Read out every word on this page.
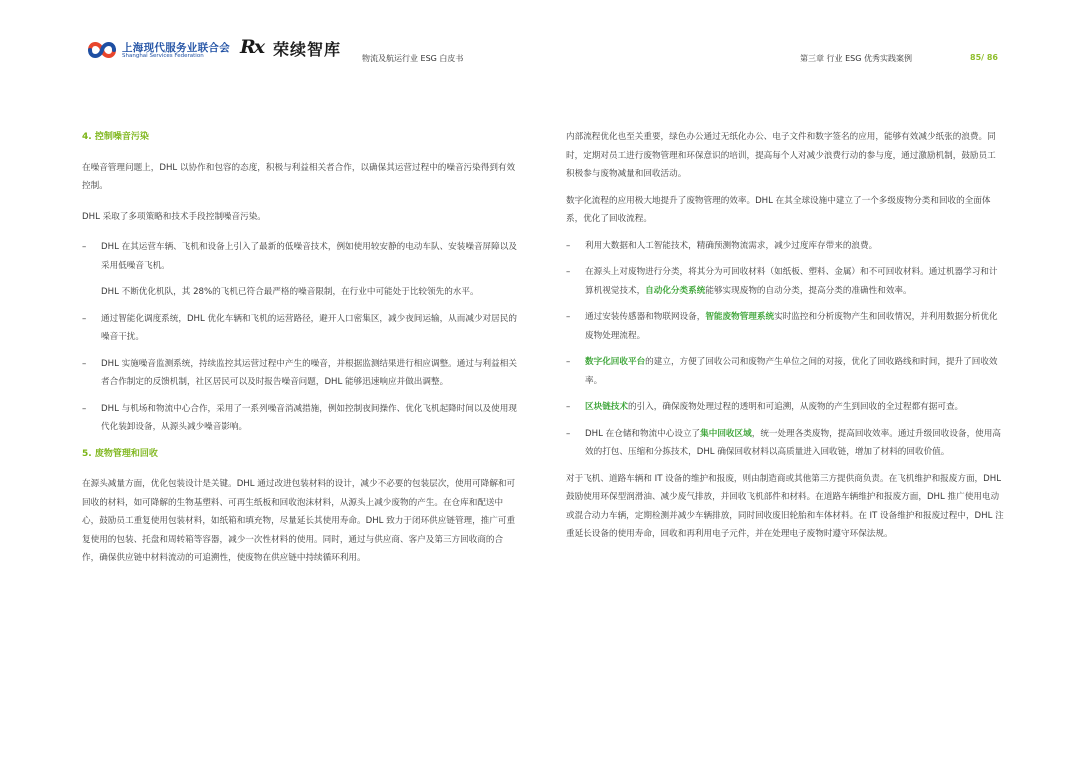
上海现代服务业联合会
Shanghai Services Federation Rx 荣续智库	物流及航运行业 ESG 白皮书	第三章 行业 ESG 优秀实践案例	85/ 86

4. 控制噪音污染

在噪音管理问题上，DHL 以协作和包容的态度，积极与利益相关者合作，以确保其运营过程中的噪音污染得到有效控制。

DHL 采取了多项策略和技术手段控制噪音污染。

– DHL 在其运营车辆、飞机和设备上引入了最新的低噪音技术，例如使用较安静的电动车队、安装噪音屏障以及采用低噪音飞机。

DHL 不断优化机队，其 28%的飞机已符合最严格的噪音限制，在行业中可能处于比较领先的水平。

– 通过智能化调度系统，DHL 优化车辆和飞机的运营路径，避开人口密集区，减少夜间运输，从而减少对居民的噪音干扰。
– DHL 实施噪音监测系统，持续监控其运营过程中产生的噪音，并根据监测结果进行相应调整。通过与利益相关者合作制定的反馈机制，社区居民可以及时报告噪音问题，DHL 能够迅速响应并做出调整。
– DHL 与机场和物流中心合作，采用了一系列噪音消减措施，例如控制夜间操作、优化飞机起降时间以及使用现代化装卸设备，从源头减少噪音影响。

5. 废物管理和回收

在源头减量方面，优化包装设计是关键。DHL 通过改进包装材料的设计，减少不必要的包装层次，使用可降解和可回收的材料，如可降解的生物基塑料、可再生纸板和回收泡沫材料，从源头上减少废物的产生。在仓库和配送中心，鼓励员工重复使用包装材料，如纸箱和填充物，尽量延长其使用寿命。DHL 致力于闭环供应链管理，推广可重复使用的包装、托盘和周转箱等容器，减少一次性材料的使用。同时，通过与供应商、客户及第三方回收商的合作，确保供应链中材料流动的可追溯性，使废物在供应链中持续循环利用。

内部流程优化也至关重要，绿色办公通过无纸化办公、电子文件和数字签名的应用，能够有效减少纸张的浪费。同时，定期对员工进行废物管理和环保意识的培训，提高每个人对减少浪费行动的参与度，通过激励机制，鼓励员工积极参与废物减量和回收活动。

数字化流程的应用极大地提升了废物管理的效率。DHL 在其全球设施中建立了一个多级废物分类和回收的全面体系，优化了回收流程。

– 利用大数据和人工智能技术，精确预测物流需求，减少过度库存带来的浪费。
– 在源头上对废物进行分类，将其分为可回收材料（如纸板、塑料、金属）和不可回收材料。通过机器学习和计算机视觉技术，自动化分类系统能够实现废物的自动分类，提高分类的准确性和效率。
– 通过安装传感器和物联网设备，智能废物管理系统实时监控和分析废物产生和回收情况，并利用数据分析优化废物处理流程。
– 数字化回收平台的建立，方便了回收公司和废物产生单位之间的对接，优化了回收路线和时间，提升了回收效率。
– 区块链技术的引入，确保废物处理过程的透明和可追溯，从废物的产生到回收的全过程都有据可查。
– DHL 在仓储和物流中心设立了集中回收区域，统一处理各类废物，提高回收效率。通过升级回收设备，使用高效的打包、压缩和分拣技术，DHL 确保回收材料以高质量进入回收链，增加了材料的回收价值。

对于飞机、道路车辆和 IT 设备的维护和报废，则由制造商或其他第三方提供商负责。在飞机维护和报废方面，DHL 鼓励使用环保型润滑油、减少废气排放，并回收飞机部件和材料。在道路车辆维护和报废方面，DHL 推广使用电动或混合动力车辆，定期检测并减少车辆排放，同时回收废旧轮胎和车体材料。在 IT 设备维护和报废过程中，DHL 注重延长设备的使用寿命，回收和再利用电子元件，并在处理电子废物时遵守环保法规。
